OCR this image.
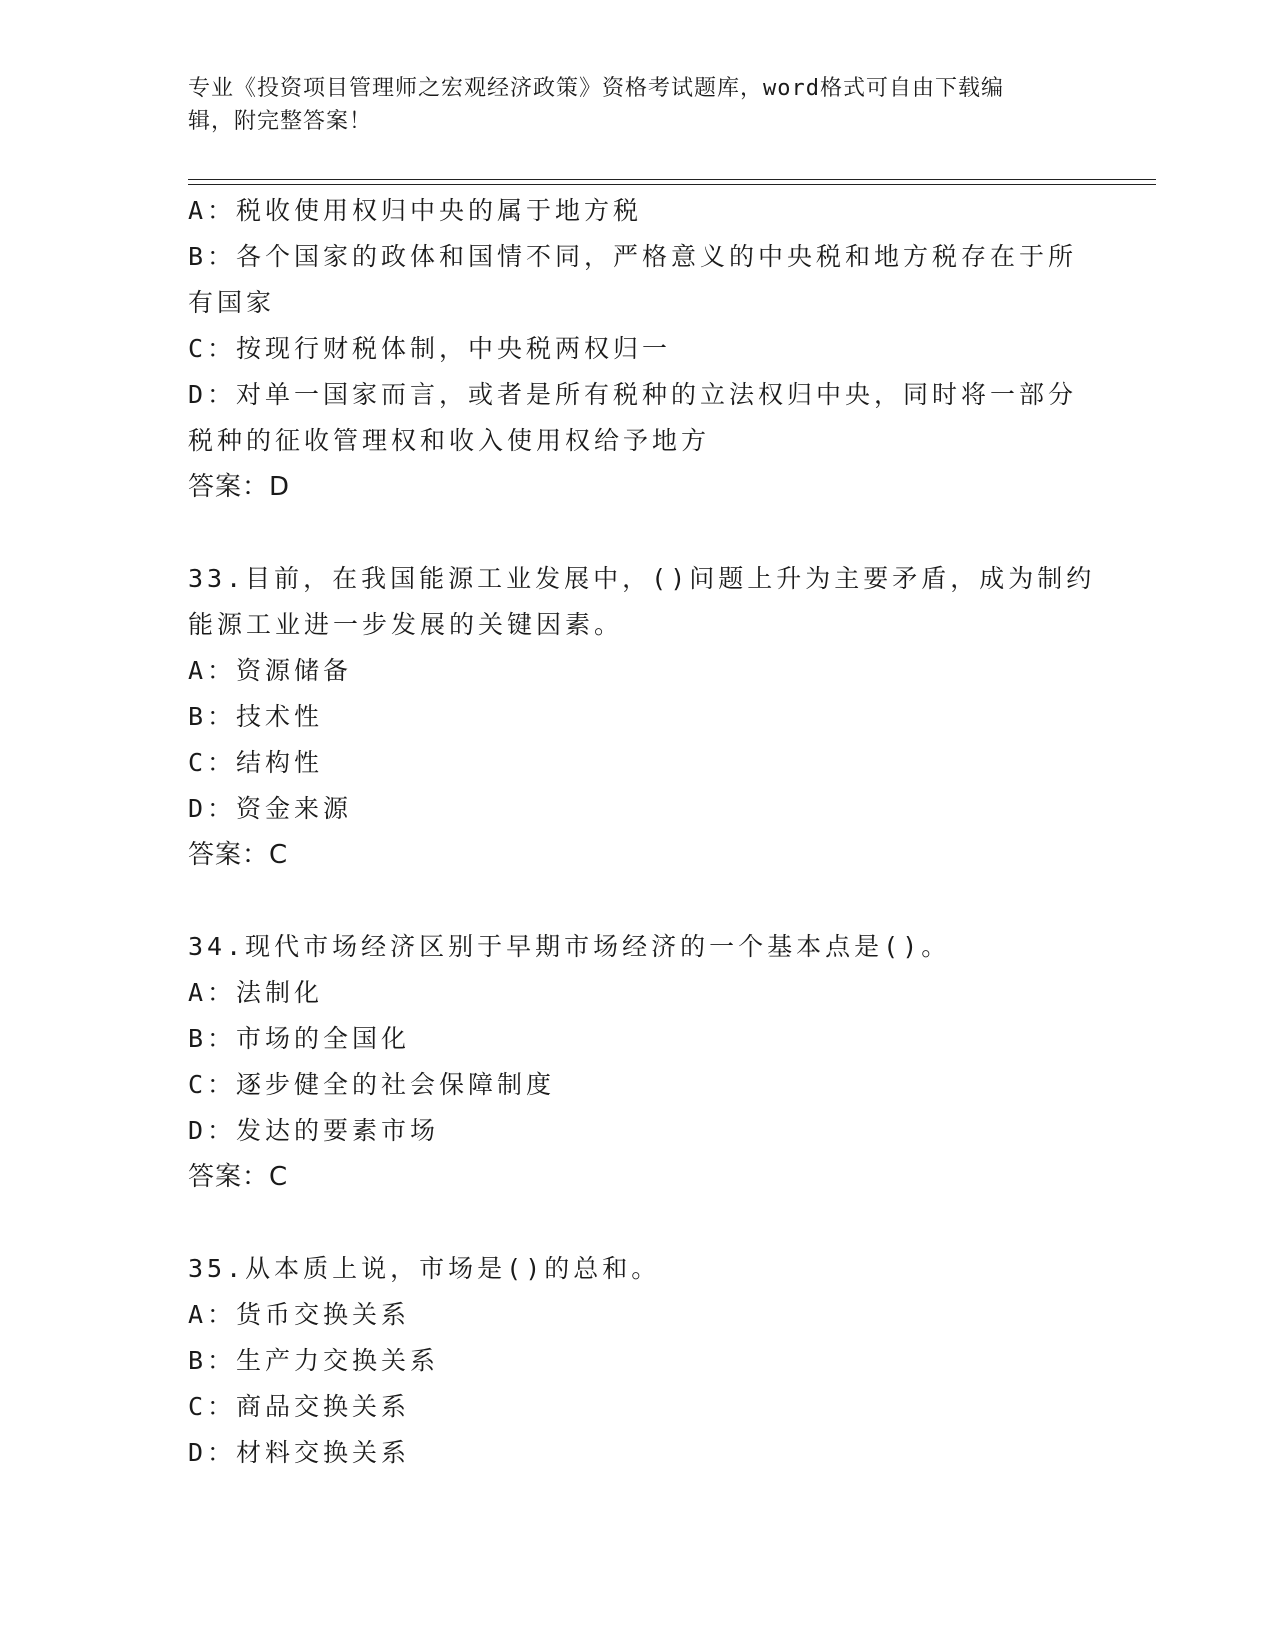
专业《投资项目管理师之宏观经济政策》资格考试题库，word格式可自由下载编
辑，附完整答案！
A：税收使用权归中央的属于地方税
B：各个国家的政体和国情不同，严格意义的中央税和地方税存在于所
有国家
C：按现行财税体制，中央税两权归一
D：对单一国家而言，或者是所有税种的立法权归中央，同时将一部分
税种的征收管理权和收入使用权给予地方
答案：D
33.目前，在我国能源工业发展中，()问题上升为主要矛盾，成为制约
能源工业进一步发展的关键因素。
A：资源储备
B：技术性
C：结构性
D：资金来源
答案：C
34.现代市场经济区别于早期市场经济的一个基本点是()。
A：法制化
B：市场的全国化
C：逐步健全的社会保障制度
D：发达的要素市场
答案：C
35.从本质上说，市场是()的总和。
A：货币交换关系
B：生产力交换关系
C：商品交换关系
D：材料交换关系
